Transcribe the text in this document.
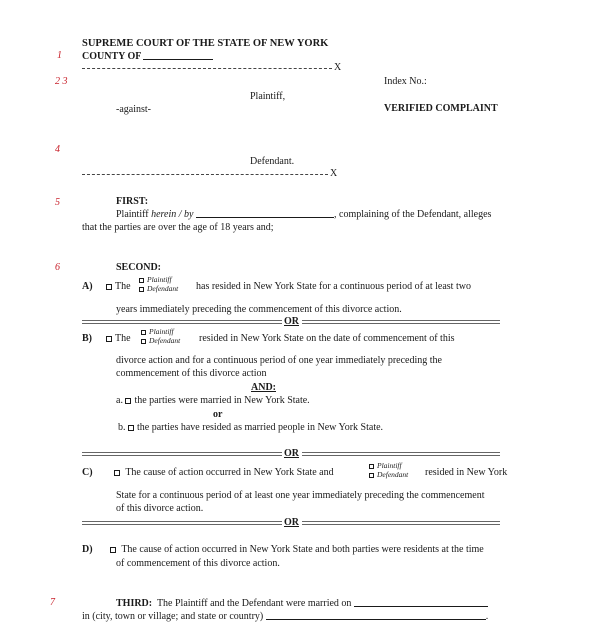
SUPREME COURT OF THE STATE OF NEW YORK
COUNTY OF
1
X
2 3	Index No.:
Plaintiff,
-against-	VERIFIED COMPLAINT
4
Defendant.
X
5	FIRST:
Plaintiff herein / by	, complaining of the Defendant, alleges
that the parties are over the age of 18 years and;
6	SECOND:
A)	The
Plaintiff
Defendant has resided in New York State for a continuous period of at least two
years immediately preceding the commencement of this divorce action.
OR
B)	The
Plaintiff
Defendant resided in New York State on the date of commencement of this
divorce action and for a continuous period of one year immediately preceding the
commencement of this divorce action
AND:
a. the parties were married in New York State.
or
b. the parties have resided as married people in New York State.
OR
C)	The cause of action occurred in New York State and
Plaintiff
Defendant resided in New York
State for a continuous period of at least one year immediately preceding the commencement
of this divorce action.
OR
D)	The cause of action occurred in New York State and both parties were residents at the time
of commencement of this divorce action.
7	THIRD: The Plaintiff and the Defendant were married on
in (city, town or village; and state or country)	.
